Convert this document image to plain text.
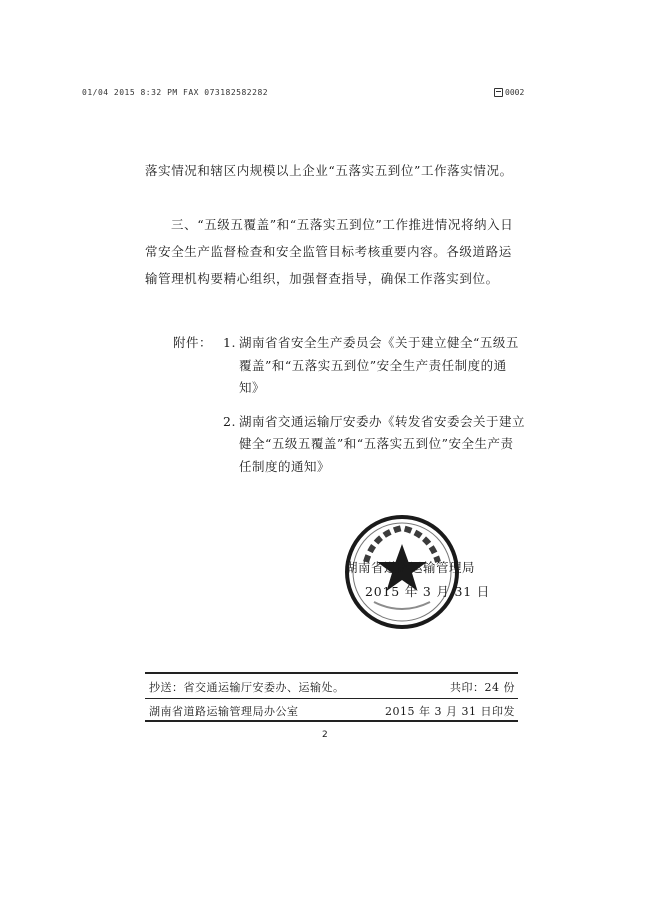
01/04 2015 8:32 PM FAX 073182582282	0002
落实情况和辖区内规模以上企业“五落实五到位”工作落实情况。
三、“五级五覆盖”和“五落实五到位”工作推进情况将纳入日常安全生产监督检查和安全监管目标考核重要内容。各级道路运输管理机构要精心组织，加强督查指导，确保工作落实到位。
附件： 1. 湖南省省安全生产委员会《关于建立健全“五级五覆盖”和“五落实五到位”安全生产责任制度的通知》
2. 湖南省交通运输厅安委办《转发省安委会关于建立健全“五级五覆盖”和“五落实五到位”安全生产责任制度的通知》
湖南省道路运输管理局
2015 年 3 月 31 日
抄送：省交通运输厅安委办、运输处。	共印：24 份
湖南省道路运输管理局办公室	2015 年 3 月 31 日印发
2
